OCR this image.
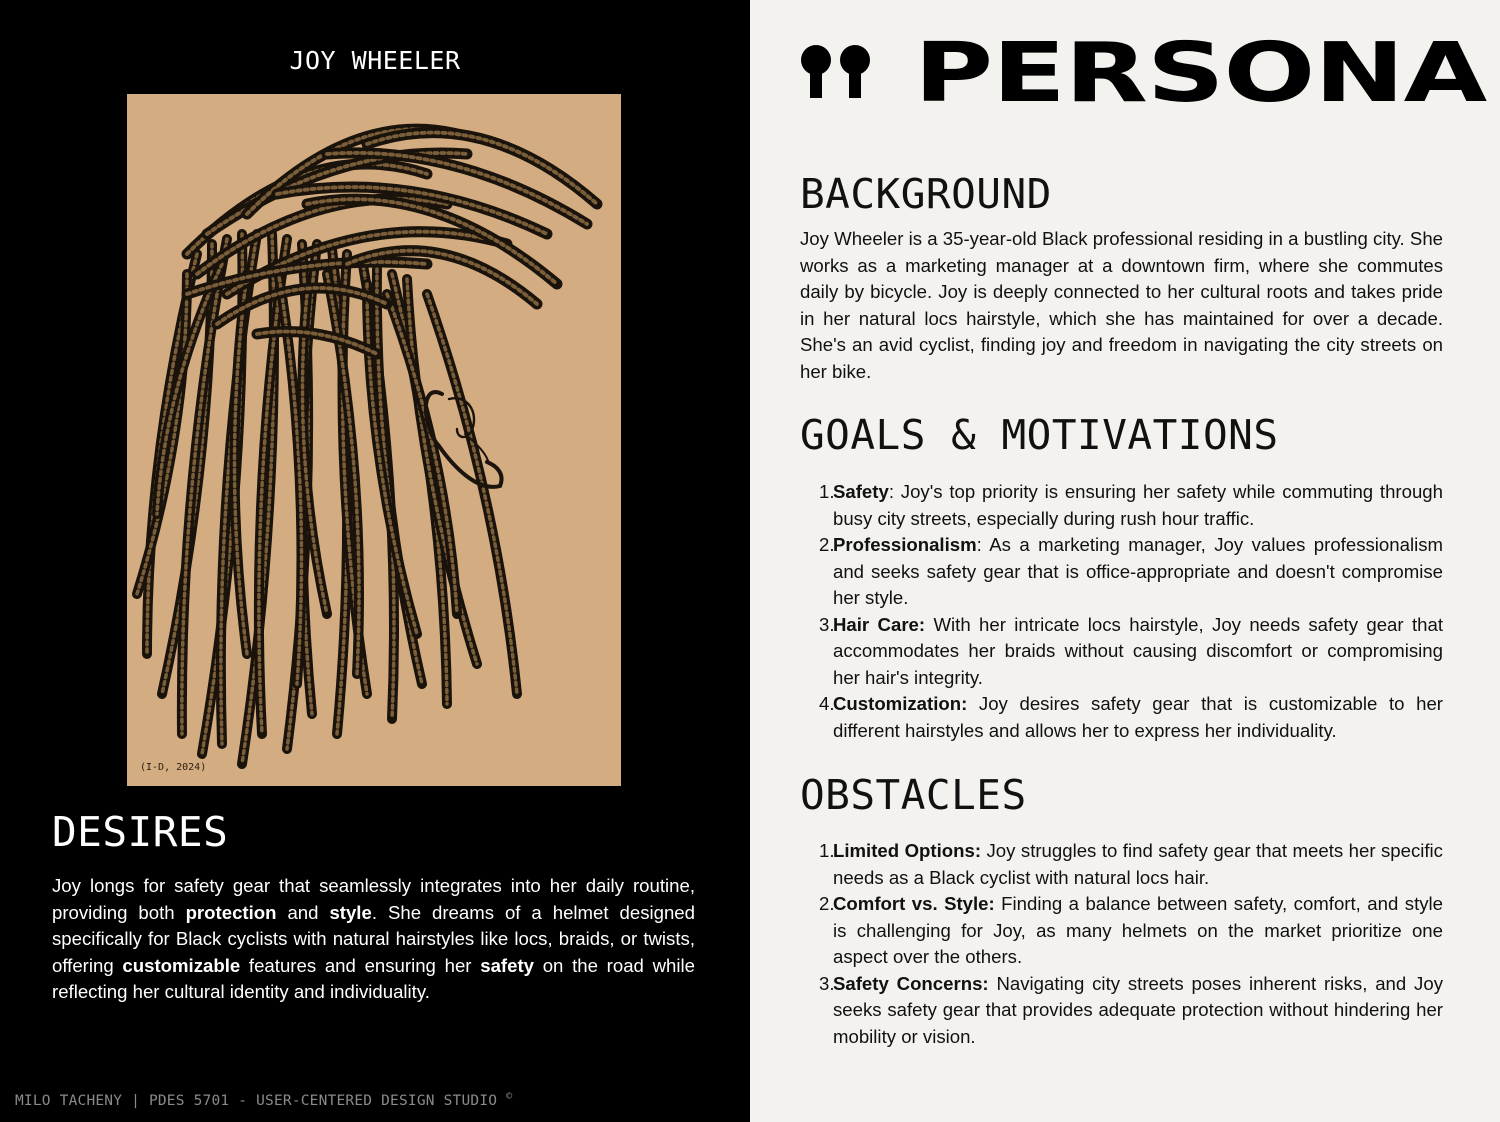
JOY WHEELER
(I-D, 2024)
DESIRES

Joy longs for safety gear that seamlessly integrates into her daily routine, providing both protection and style. She dreams of a helmet designed specifically for Black cyclists with natural hairstyles like locs, braids, or twists, offering customizable features and ensuring her safety on the road while reflecting her cultural identity and individuality.

MILO TACHENY | PDES 5701 - USER-CENTERED DESIGN STUDIO ©
PERSONA
BACKGROUND

Joy Wheeler is a 35-year-old Black professional residing in a bustling city. She works as a marketing manager at a downtown firm, where she commutes daily by bicycle. Joy is deeply connected to her cultural roots and takes pride in her natural locs hairstyle, which she has maintained for over a decade. She's an avid cyclist, finding joy and freedom in navigating the city streets on her bike.

GOALS & MOTIVATIONS
1.
Safety: Joy's top priority is ensuring her safety while commuting through busy city streets, especially during rush hour traffic.
2.
Professionalism: As a marketing manager, Joy values professionalism and seeks safety gear that is office-appropriate and doesn't compromise her style.
3.
Hair Care: With her intricate locs hairstyle, Joy needs safety gear that accommodates her braids without causing discomfort or compromising her hair's integrity.
4.
Customization: Joy desires safety gear that is customizable to her different hairstyles and allows her to express her individuality.
OBSTACLES
1.
Limited Options: Joy struggles to find safety gear that meets her specific needs as a Black cyclist with natural locs hair.
2.
Comfort vs. Style: Finding a balance between safety, comfort, and style is challenging for Joy, as many helmets on the market prioritize one aspect over the others.
3.
Safety Concerns: Navigating city streets poses inherent risks, and Joy seeks safety gear that provides adequate protection without hindering her mobility or vision.
